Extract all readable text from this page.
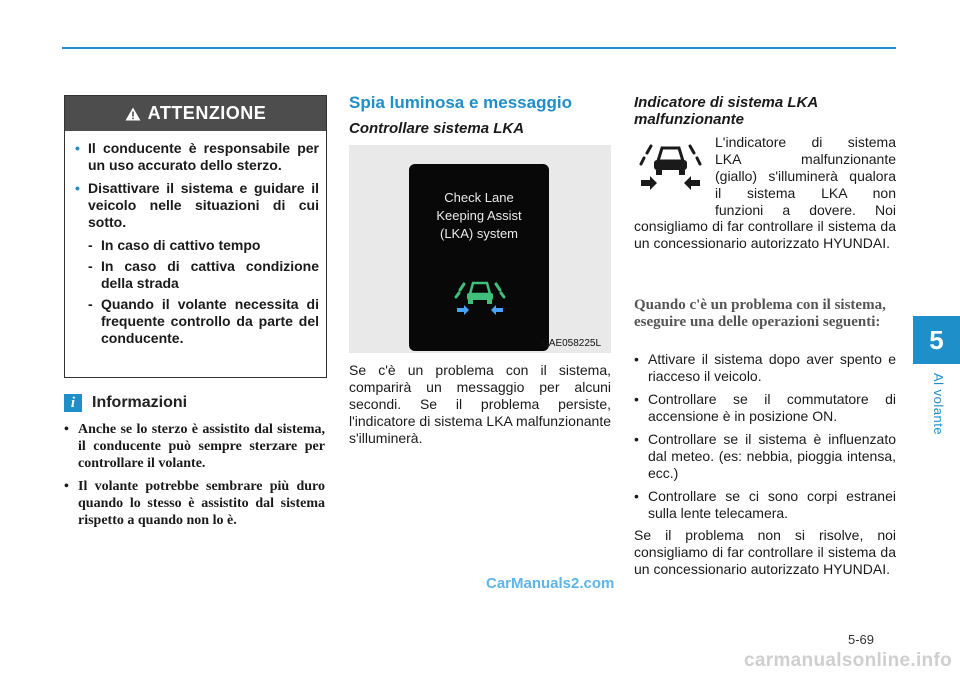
5
Al volante
ATTENZIONE
• Il conducente è responsabile per un uso accurato dello sterzo.
• Disattivare il sistema e guidare il veicolo nelle situazioni di cui sotto.
- In caso di cattivo tempo
- In caso di cattiva condizione della strada
- Quando il volante necessita di frequente controllo da parte del conducente.
i	Informazioni
• Anche se lo sterzo è assistito dal sistema, il conducente può sempre sterzare per controllare il volante.
• Il volante potrebbe sembrare più duro quando lo stesso è assistito dal sistema rispetto a quando non lo è.
Spia luminosa e messaggio
Controllare sistema LKA
Check Lane
Keeping Assist
(LKA) system
OAE058225L
Se c'è un problema con il sistema, comparirà un messaggio per alcuni secondi. Se il problema persiste, l'indicatore di sistema LKA malfunzionante s'illuminerà.
Indicatore di sistema LKA malfunzionante
L'indicatore di sistema
LKA malfunzionante
(giallo) s'illuminerà qualora
il sistema LKA non
funzioni a dovere. Noi
consigliamo di far controllare il sistema da un concessionario autorizzato HYUNDAI.
Quando c'è un problema con il sistema, eseguire una delle operazioni seguenti:
• Attivare il sistema dopo aver spento e riacceso il veicolo.
• Controllare se il commutatore di accensione è in posizione ON.
• Controllare se il sistema è influenzato dal meteo. (es: nebbia, pioggia intensa, ecc.)
• Controllare se ci sono corpi estranei sulla lente telecamera.
Se il problema non si risolve, noi consigliamo di far controllare il sistema da un concessionario autorizzato HYUNDAI.
5-69
CarManuals2.com
carmanualsonline.info
